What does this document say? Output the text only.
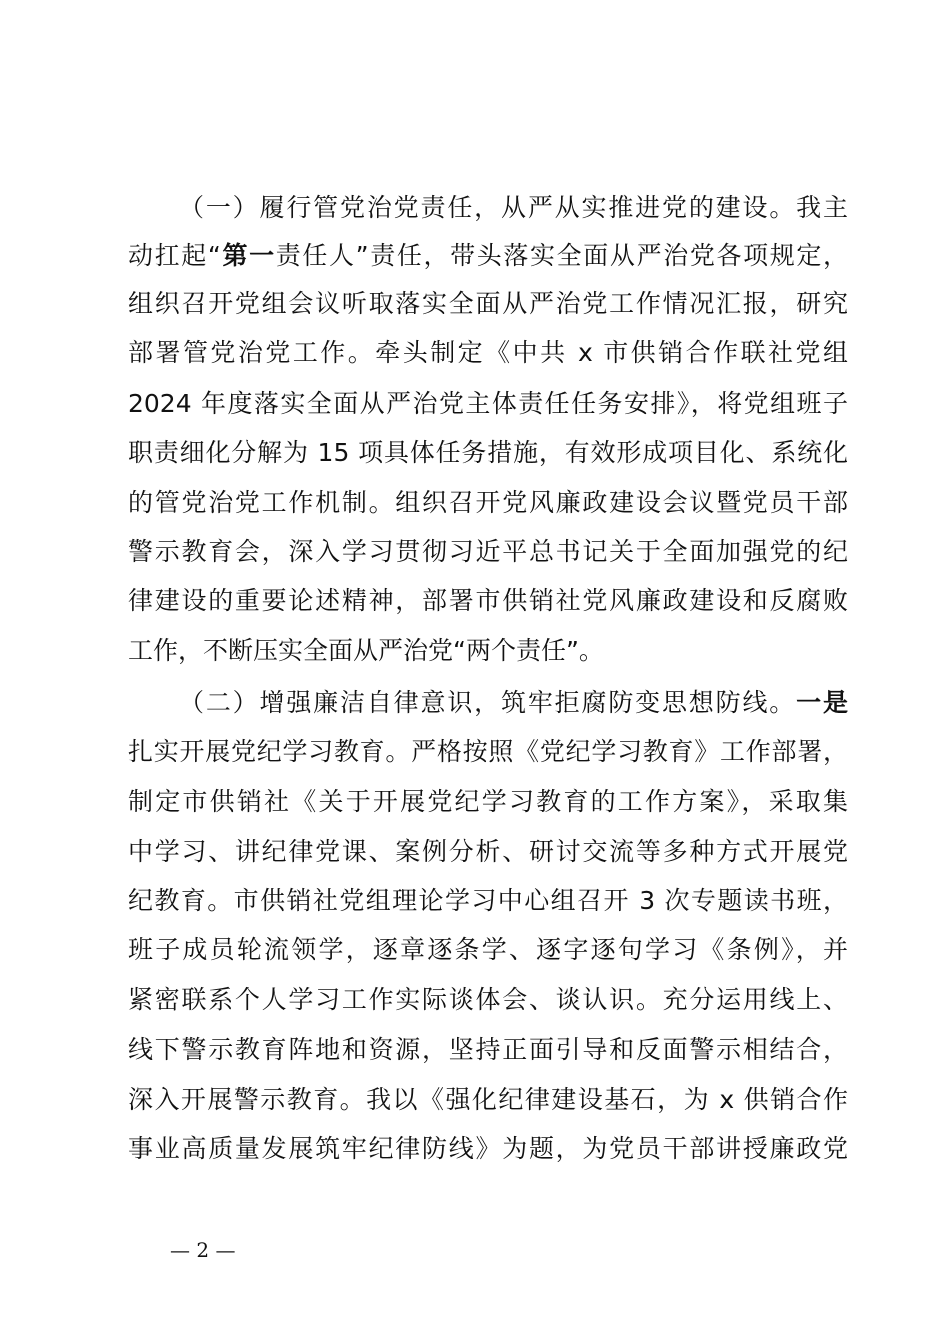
（一）履行管党治党责任，从严从实推进党的建设。我主
动扛起“第一责任人”责任，带头落实全面从严治党各项规定，
组织召开党组会议听取落实全面从严治党工作情况汇报，研究
部署管党治党工作。牵头制定《中共 x 市供销合作联社党组
2024 年度落实全面从严治党主体责任任务安排》，将党组班子
职责细化分解为 15 项具体任务措施，有效形成项目化、系统化
的管党治党工作机制。组织召开党风廉政建设会议暨党员干部
警示教育会，深入学习贯彻习近平总书记关于全面加强党的纪
律建设的重要论述精神，部署市供销社党风廉政建设和反腐败
工作，不断压实全面从严治党“两个责任”。
（二）增强廉洁自律意识，筑牢拒腐防变思想防线。一是
扎实开展党纪学习教育。严格按照《党纪学习教育》工作部署，
制定市供销社《关于开展党纪学习教育的工作方案》，采取集
中学习、讲纪律党课、案例分析、研讨交流等多种方式开展党
纪教育。市供销社党组理论学习中心组召开 3 次专题读书班，
班子成员轮流领学，逐章逐条学、逐字逐句学习《条例》，并
紧密联系个人学习工作实际谈体会、谈认识。充分运用线上、
线下警示教育阵地和资源，坚持正面引导和反面警示相结合，
深入开展警示教育。我以《强化纪律建设基石，为 x 供销合作
事业高质量发展筑牢纪律防线》为题，为党员干部讲授廉政党
— 2 —
